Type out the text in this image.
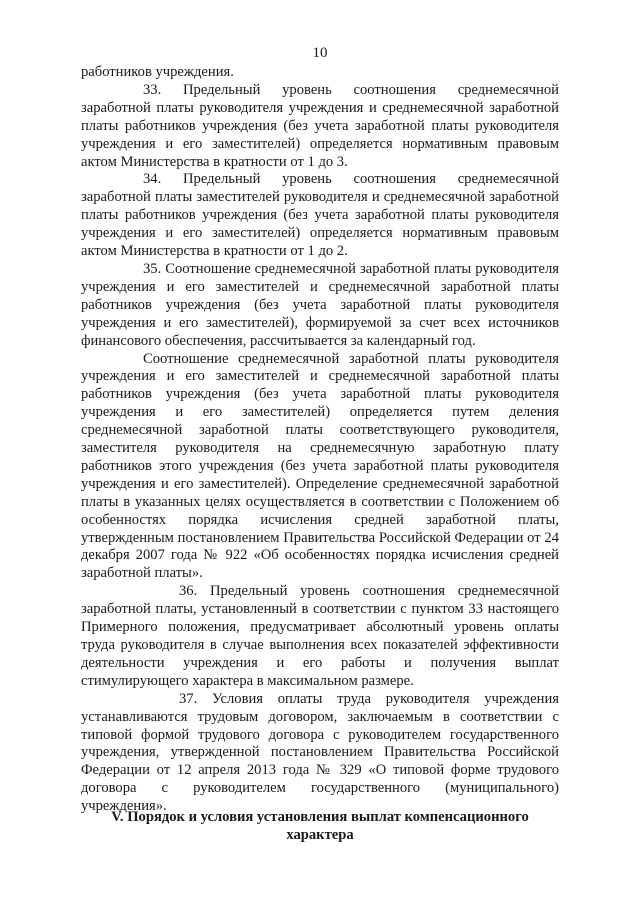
10

работников учреждения.

33. Предельный уровень соотношения среднемесячной заработной платы руководителя учреждения и среднемесячной заработной платы работников учреждения (без учета заработной платы руководителя учреждения и его заместителей) определяется нормативным правовым актом Министерства в кратности от 1 до 3.

34. Предельный уровень соотношения среднемесячной заработной платы заместителей руководителя и среднемесячной заработной платы работников учреждения (без учета заработной платы руководителя учреждения и его заместителей) определяется нормативным правовым актом Министерства в кратности от 1 до 2.

35. Соотношение среднемесячной заработной платы руководителя учреждения и его заместителей и среднемесячной заработной платы работников учреждения (без учета заработной платы руководителя учреждения и его заместителей), формируемой за счет всех источников финансового обеспечения, рассчитывается за календарный год.

Соотношение среднемесячной заработной платы руководителя учреждения и его заместителей и среднемесячной заработной платы работников учреждения (без учета заработной платы руководителя учреждения и его заместителей) определяется путем деления среднемесячной заработной платы соответствующего руководителя, заместителя руководителя на среднемесячную заработную плату работников этого учреждения (без учета заработной платы руководителя учреждения и его заместителей). Определение среднемесячной заработной платы в указанных целях осуществляется в соответствии с Положением об особенностях порядка исчисления средней заработной платы, утвержденным постановлением Правительства Российской Федерации от 24 декабря 2007 года № 922 «Об особенностях порядка исчисления средней заработной платы».

36. Предельный уровень соотношения среднемесячной заработной платы, установленный в соответствии с пунктом 33 настоящего Примерного положения, предусматривает абсолютный уровень оплаты труда руководителя в случае выполнения всех показателей эффективности деятельности учреждения и его работы и получения выплат стимулирующего характера в максимальном размере.

37. Условия оплаты труда руководителя учреждения устанавливаются трудовым договором, заключаемым в соответствии с типовой формой трудового договора с руководителем государственного учреждения, утвержденной постановлением Правительства Российской Федерации от 12 апреля 2013 года № 329 «О типовой форме трудового договора с руководителем государственного (муниципального) учреждения».

V. Порядок и условия установления выплат компенсационного
характера
